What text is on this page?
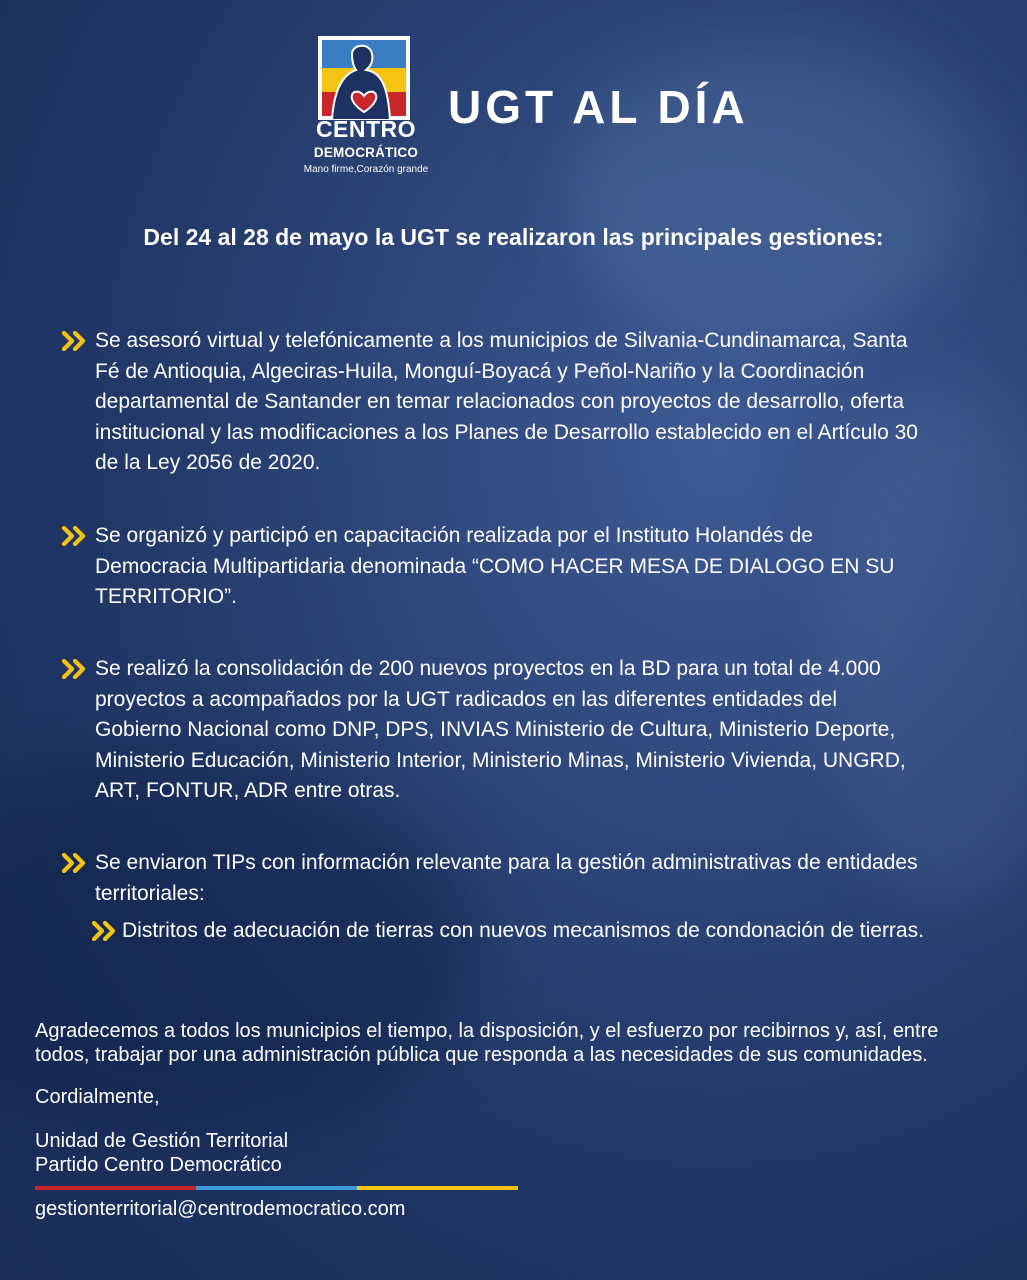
CENTRO
DEMOCRÁTICO
Mano firme,Corazón grande
UGT AL DÍA
Del 24 al 28 de mayo la UGT se realizaron las principales gestiones:
Se asesoró virtual y telefónicamente a los municipios de Silvania-Cundinamarca, Santa
Fé de Antioquia, Algeciras-Huila, Monguí-Boyacá y Peñol-Nariño y la Coordinación
departamental de Santander en temar relacionados con proyectos de desarrollo, oferta
institucional y las modificaciones a los Planes de Desarrollo establecido en el Artículo 30
de la Ley 2056 de 2020.
Se organizó y participó en capacitación realizada por el Instituto Holandés de
Democracia Multipartidaria denominada “COMO HACER MESA DE DIALOGO EN SU
TERRITORIO”.
Se realizó la consolidación de 200 nuevos proyectos en la BD para un total de 4.000
proyectos a acompañados por la UGT radicados en las diferentes entidades del
Gobierno Nacional como DNP, DPS, INVIAS Ministerio de Cultura, Ministerio Deporte,
Ministerio Educación, Ministerio Interior, Ministerio Minas, Ministerio Vivienda, UNGRD,
ART, FONTUR, ADR entre otras.
Se enviaron TIPs con información relevante para la gestión administrativas de entidades
territoriales:
Distritos de adecuación de tierras con nuevos mecanismos de condonación de tierras.
Agradecemos a todos los municipios el tiempo, la disposición, y el esfuerzo por recibirnos y, así, entre
todos, trabajar por una administración pública que responda a las necesidades de sus comunidades.
Cordialmente,
Unidad de Gestión Territorial
Partido Centro Democrático
gestionterritorial@centrodemocratico.com
